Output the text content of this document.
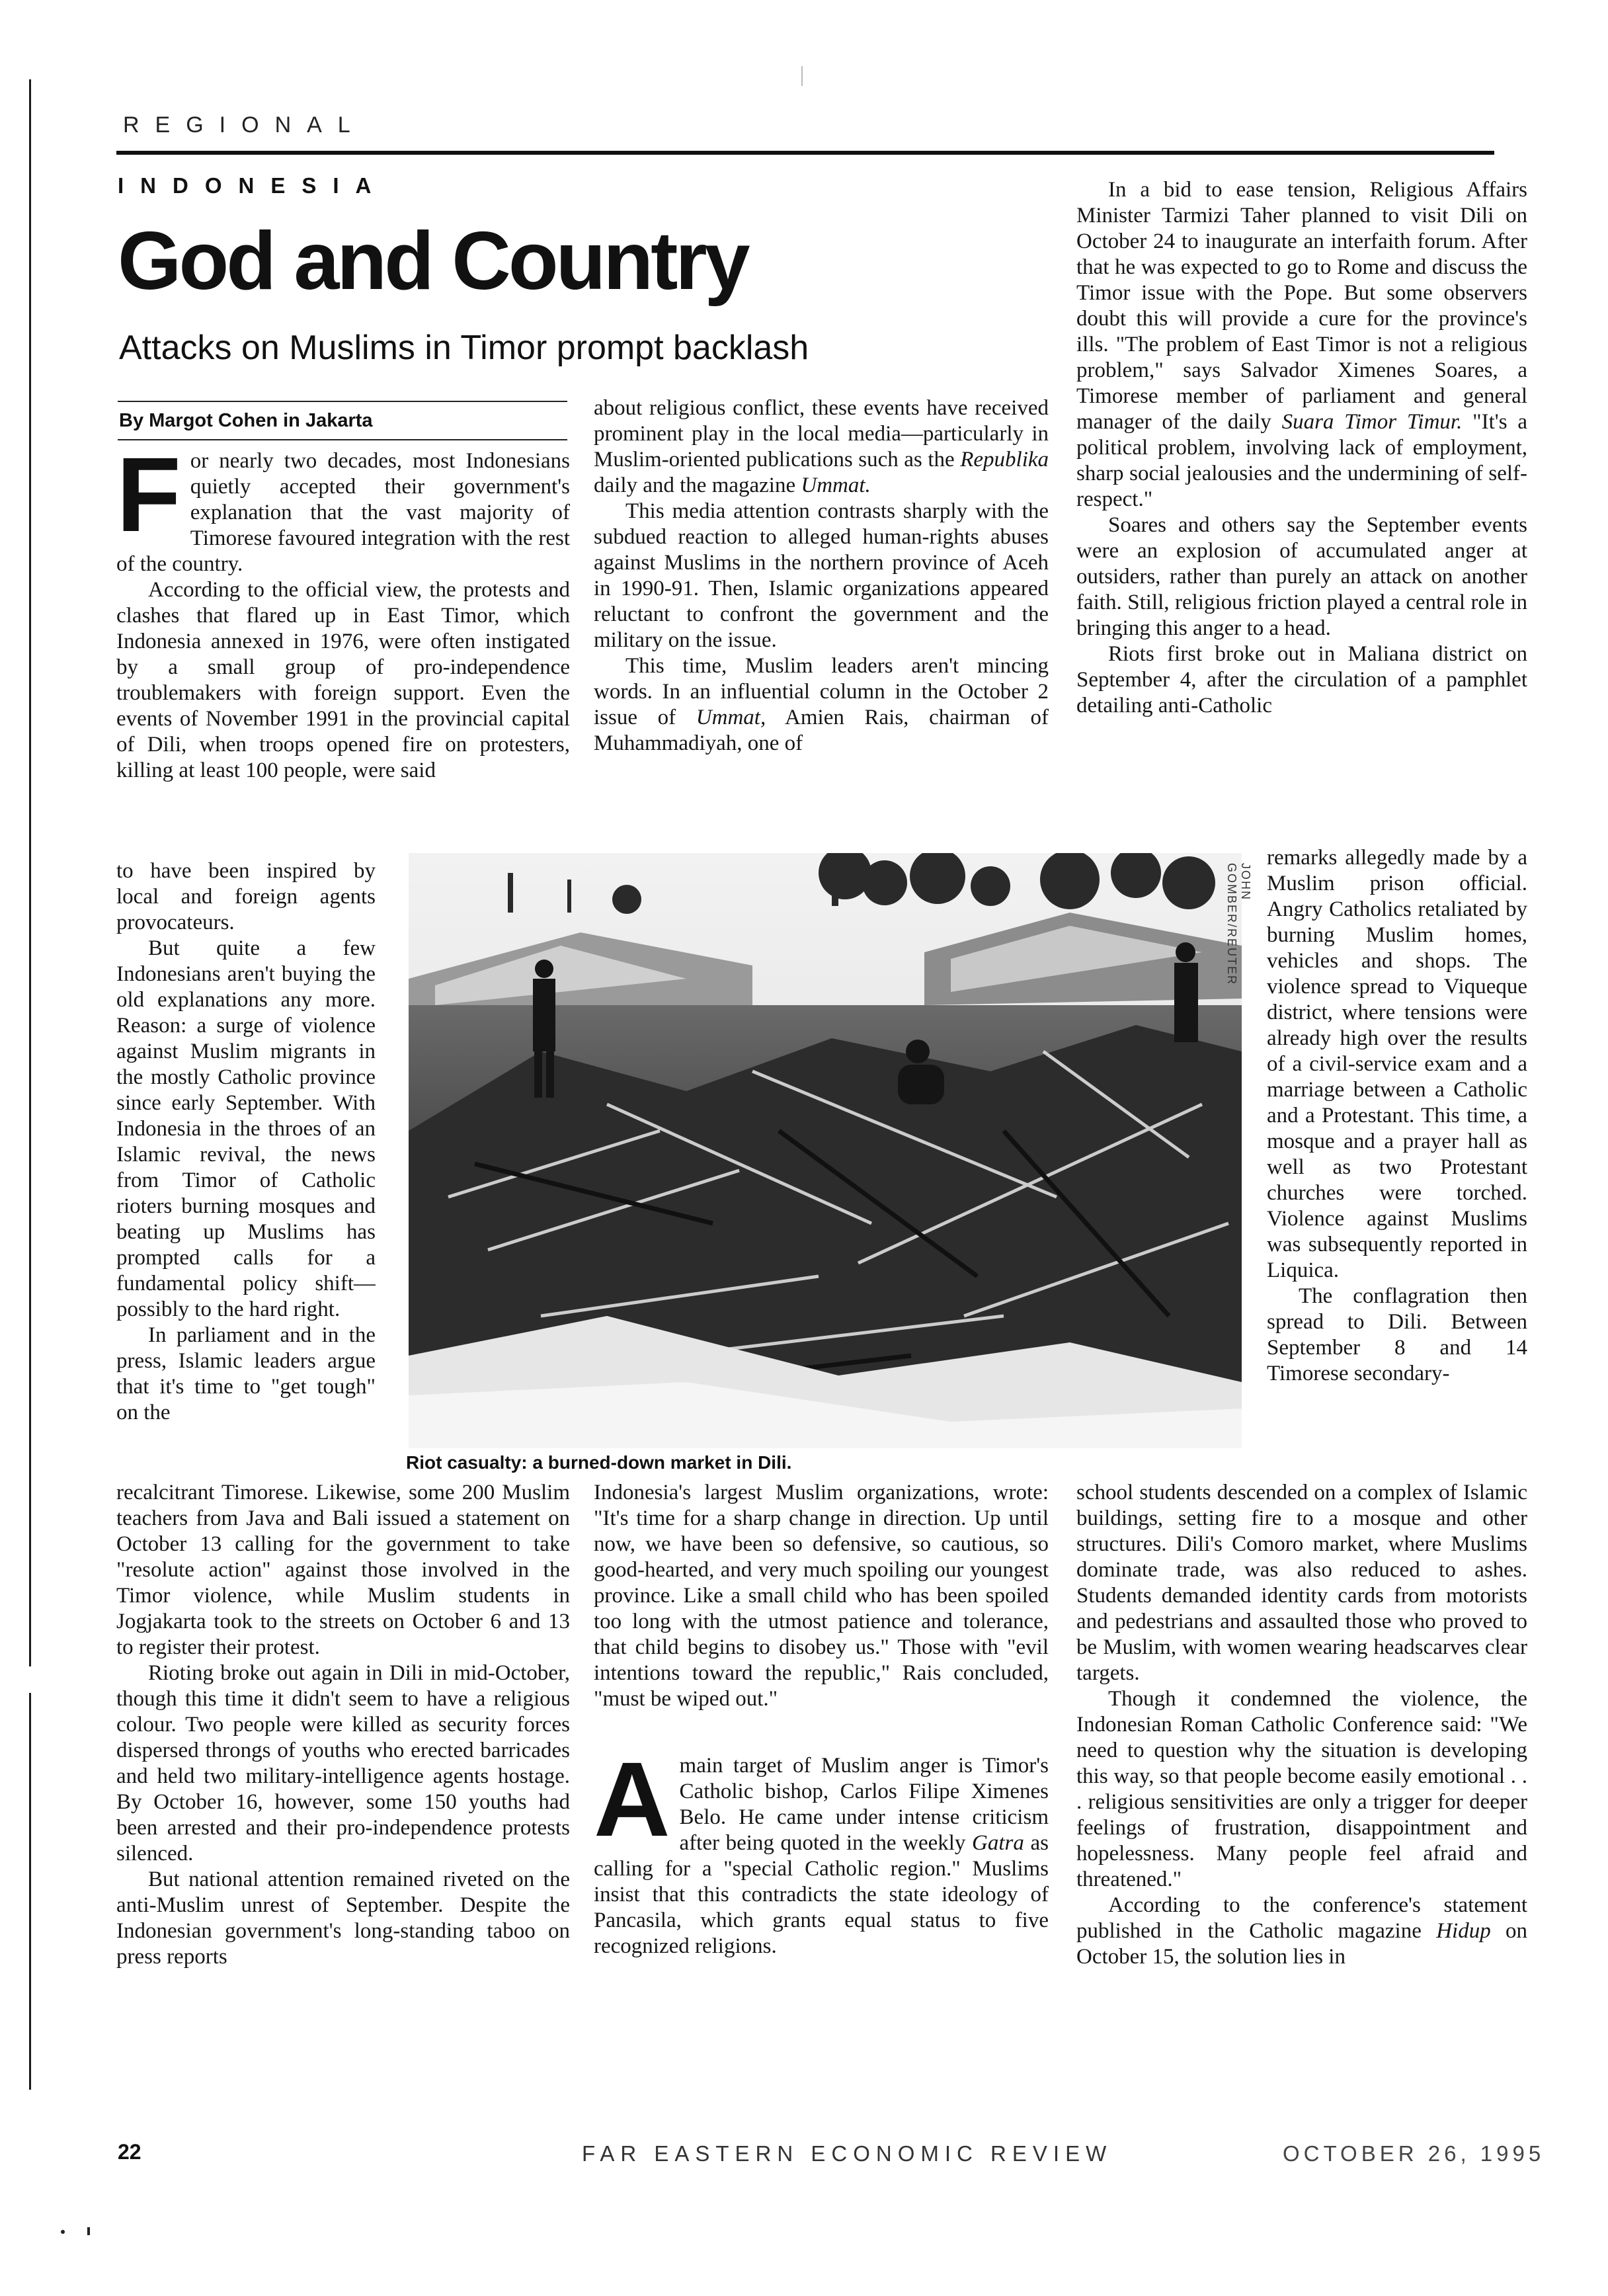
REGIONAL
INDONESIA
God and Country
Attacks on Muslims in Timor prompt backlash
By Margot Cohen in Jakarta
F or nearly two decades, most Indonesians quietly accepted their government's explanation that the vast majority of Timorese favoured integration with the rest of the country.

According to the official view, the protests and clashes that flared up in East Timor, which Indonesia annexed in 1976, were often instigated by a small group of pro-independence troublemakers with foreign support. Even the events of November 1991 in the provincial capital of Dili, when troops opened fire on protesters, killing at least 100 people, were said

to have been inspired by local and foreign agents provocateurs.

But quite a few Indonesians aren't buying the old explanations any more. Reason: a surge of violence against Muslim migrants in the mostly Catholic province since early September. With Indonesia in the throes of an Islamic revival, the news from Timor of Catholic rioters burning mosques and beating up Muslims has prompted calls for a fundamental policy shift—possibly to the hard right.

In parliament and in the press, Islamic leaders argue that it's time to "get tough" on the

recalcitrant Timorese. Likewise, some 200 Muslim teachers from Java and Bali issued a statement on October 13 calling for the government to take "resolute action" against those involved in the Timor violence, while Muslim students in Jogjakarta took to the streets on October 6 and 13 to register their protest.

Rioting broke out again in Dili in mid-October, though this time it didn't seem to have a religious colour. Two people were killed as security forces dispersed throngs of youths who erected barricades and held two military-intelligence agents hostage. By October 16, however, some 150 youths had been arrested and their pro-independence protests silenced.

But national attention remained riveted on the anti-Muslim unrest of September. Despite the Indonesian government's long-standing taboo on press reports

about religious conflict, these events have received prominent play in the local media—particularly in Muslim-oriented publications such as the Republika daily and the magazine Ummat.

This media attention contrasts sharply with the subdued reaction to alleged human-rights abuses against Muslims in the northern province of Aceh in 1990-91. Then, Islamic organizations appeared reluctant to confront the government and the military on the issue.

This time, Muslim leaders aren't mincing words. In an influential column in the October 2 issue of Ummat, Amien Rais, chairman of Muhammadiyah, one of

Indonesia's largest Muslim organizations, wrote: "It's time for a sharp change in direction. Up until now, we have been so defensive, so cautious, so good-hearted, and very much spoiling our youngest province. Like a small child who has been spoiled too long with the utmost patience and tolerance, that child begins to disobey us." Those with "evil intentions toward the republic," Rais concluded, "must be wiped out."

A main target of Muslim anger is Timor's Catholic bishop, Carlos Filipe Ximenes Belo. He came under intense criticism after being quoted in the weekly Gatra as calling for a "special Catholic region." Muslims insist that this contradicts the state ideology of Pancasila, which grants equal status to five recognized religions.

In a bid to ease tension, Religious Affairs Minister Tarmizi Taher planned to visit Dili on October 24 to inaugurate an interfaith forum. After that he was expected to go to Rome and discuss the Timor issue with the Pope. But some observers doubt this will provide a cure for the province's ills. "The problem of East Timor is not a religious problem," says Salvador Ximenes Soares, a Timorese member of parliament and general manager of the daily Suara Timor Timur. "It's a political problem, involving lack of employment, sharp social jealousies and the undermining of self-respect."

Soares and others say the September events were an explosion of accumulated anger at outsiders, rather than purely an attack on another faith. Still, religious friction played a central role in bringing this anger to a head.

Riots first broke out in Maliana district on September 4, after the circulation of a pamphlet detailing anti-Catholic

remarks allegedly made by a Muslim prison official. Angry Catholics retaliated by burning Muslim homes, vehicles and shops. The violence spread to Viqueque district, where tensions were already high over the results of a civil-service exam and a marriage between a Catholic and a Protestant. This time, a mosque and a prayer hall as well as two Protestant churches were torched. Violence against Muslims was subsequently reported in Liquica.

The conflagration then spread to Dili. Between September 8 and 14 Timorese secondary-

school students descended on a complex of Islamic buildings, setting fire to a mosque and other structures. Dili's Comoro market, where Muslims dominate trade, was also reduced to ashes. Students demanded identity cards from motorists and pedestrians and assaulted those who proved to be Muslim, with women wearing headscarves clear targets.

Though it condemned the violence, the Indonesian Roman Catholic Conference said: "We need to question why the situation is developing this way, so that people become easily emotional . . . religious sensitivities are only a trigger for deeper feelings of frustration, disappointment and hopelessness. Many people feel afraid and threatened."

According to the conference's statement published in the Catholic magazine Hidup on October 15, the solution lies in

JOHN GOMBER/REUTER
Riot casualty: a burned-down market in Dili.
22	FAR EASTERN ECONOMIC REVIEW	OCTOBER 26, 1995
